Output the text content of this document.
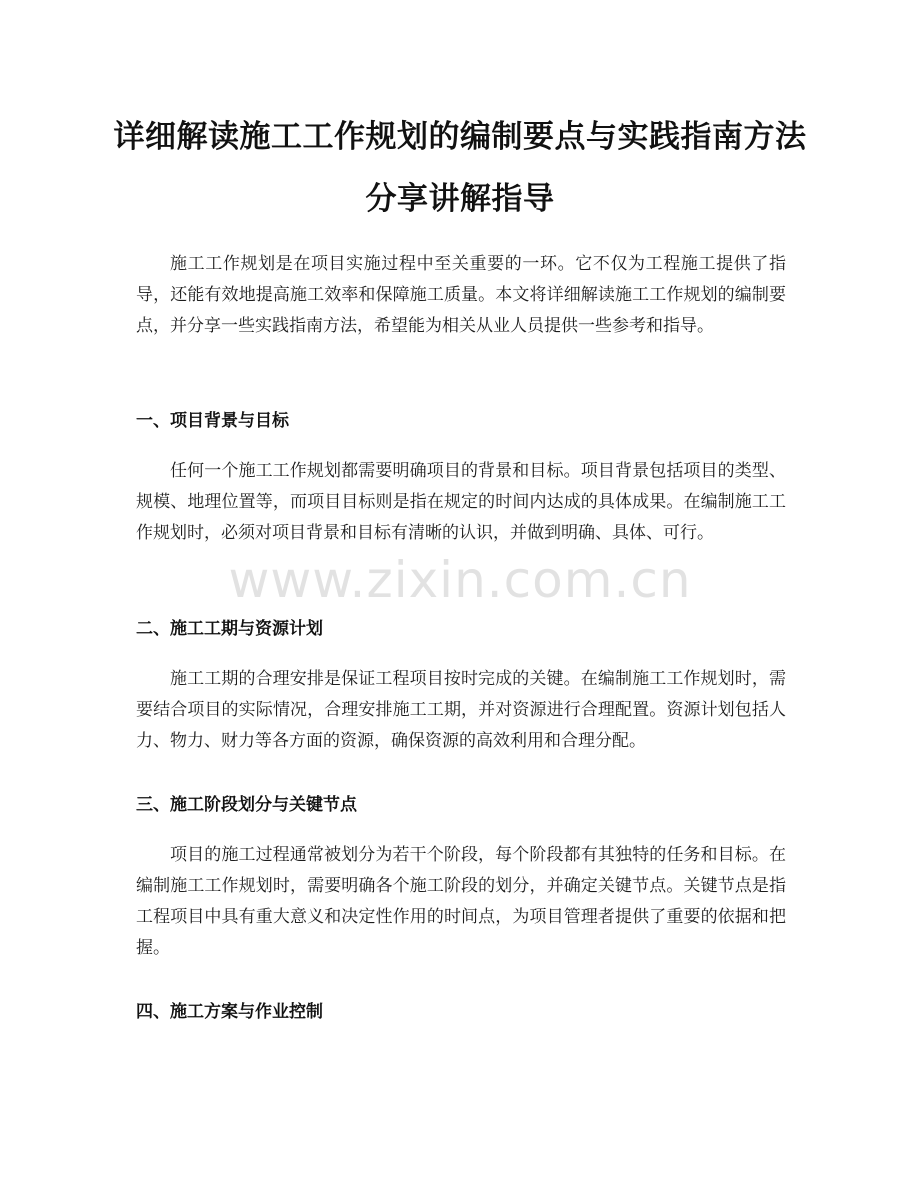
详细解读施工工作规划的编制要点与实践指南方法分享讲解指导

施工工作规划是在项目实施过程中至关重要的一环。它不仅为工程施工提供了指导，还能有效地提高施工效率和保障施工质量。本文将详细解读施工工作规划的编制要点，并分享一些实践指南方法，希望能为相关从业人员提供一些参考和指导。

一、项目背景与目标

任何一个施工工作规划都需要明确项目的背景和目标。项目背景包括项目的类型、规模、地理位置等，而项目目标则是指在规定的时间内达成的具体成果。在编制施工工作规划时，必须对项目背景和目标有清晰的认识，并做到明确、具体、可行。

二、施工工期与资源计划

施工工期的合理安排是保证工程项目按时完成的关键。在编制施工工作规划时，需要结合项目的实际情况，合理安排施工工期，并对资源进行合理配置。资源计划包括人力、物力、财力等各方面的资源，确保资源的高效利用和合理分配。

三、施工阶段划分与关键节点

项目的施工过程通常被划分为若干个阶段，每个阶段都有其独特的任务和目标。在编制施工工作规划时，需要明确各个施工阶段的划分，并确定关键节点。关键节点是指工程项目中具有重大意义和决定性作用的时间点，为项目管理者提供了重要的依据和把握。

四、施工方案与作业控制
www.zixin.com.cn
